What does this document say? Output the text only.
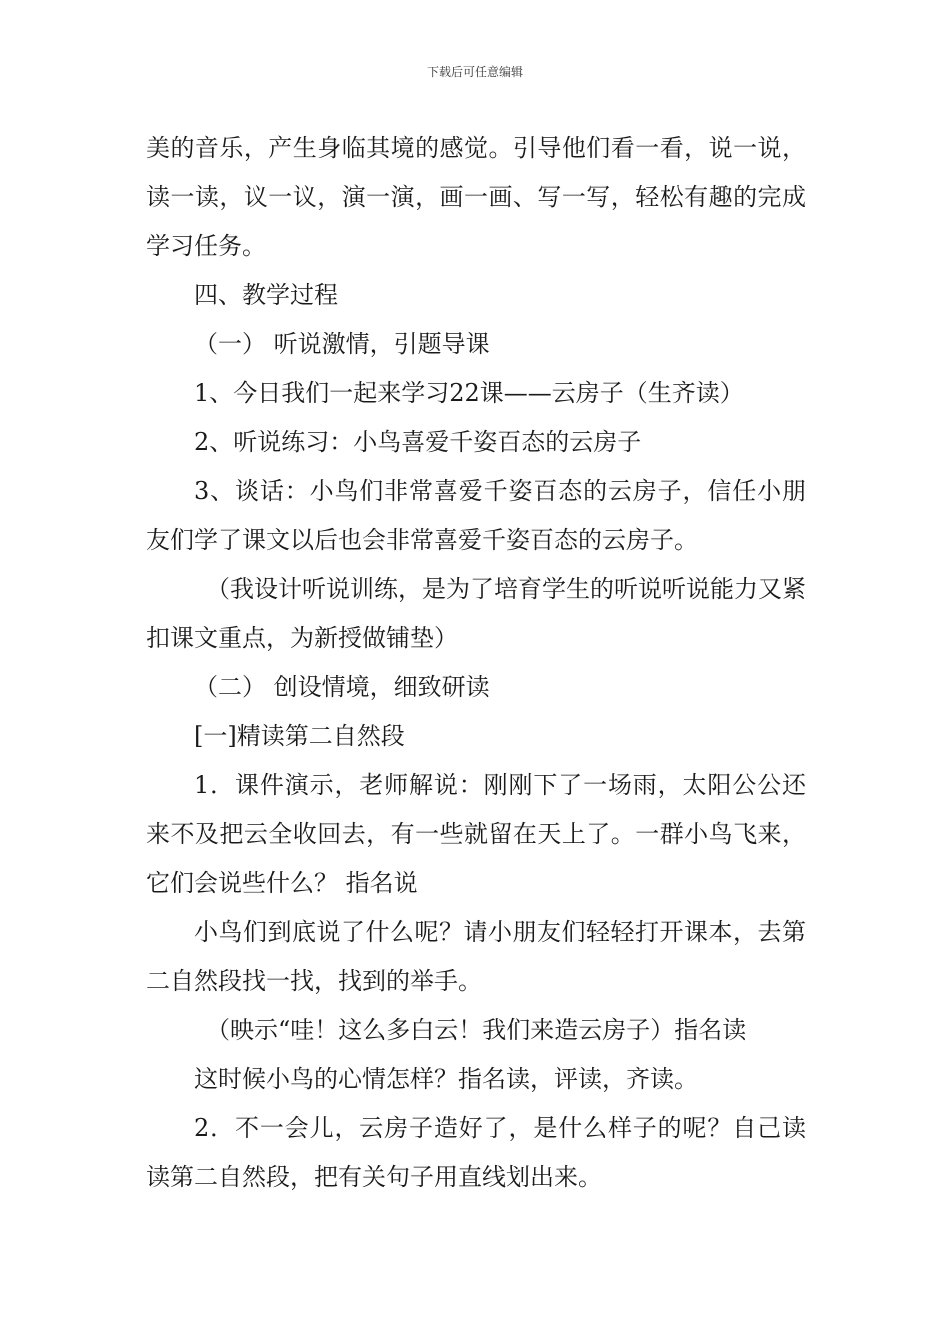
下载后可任意编辑

美的音乐，产生身临其境的感觉。引导他们看一看，说一说，读一读，议一议，演一演，画一画、写一写，轻松有趣的完成学习任务。

四、教学过程

（一） 听说激情，引题导课

1、今日我们一起来学习22课——云房子（生齐读）

2、听说练习：小鸟喜爱千姿百态的云房子

3、谈话：小鸟们非常喜爱千姿百态的云房子，信任小朋友们学了课文以后也会非常喜爱千姿百态的云房子。

（我设计听说训练，是为了培育学生的听说听说能力又紧扣课文重点，为新授做铺垫）

（二） 创设情境，细致研读

[一]精读第二自然段

1．课件演示，老师解说：刚刚下了一场雨，太阳公公还来不及把云全收回去，有一些就留在天上了。一群小鸟飞来，它们会说些什么？ 指名说

小鸟们到底说了什么呢？请小朋友们轻轻打开课本，去第二自然段找一找，找到的举手。

（映示“哇！这么多白云！我们来造云房子）指名读

这时候小鸟的心情怎样？指名读，评读，齐读。

2．不一会儿，云房子造好了，是什么样子的呢？自己读读第二自然段，把有关句子用直线划出来。
